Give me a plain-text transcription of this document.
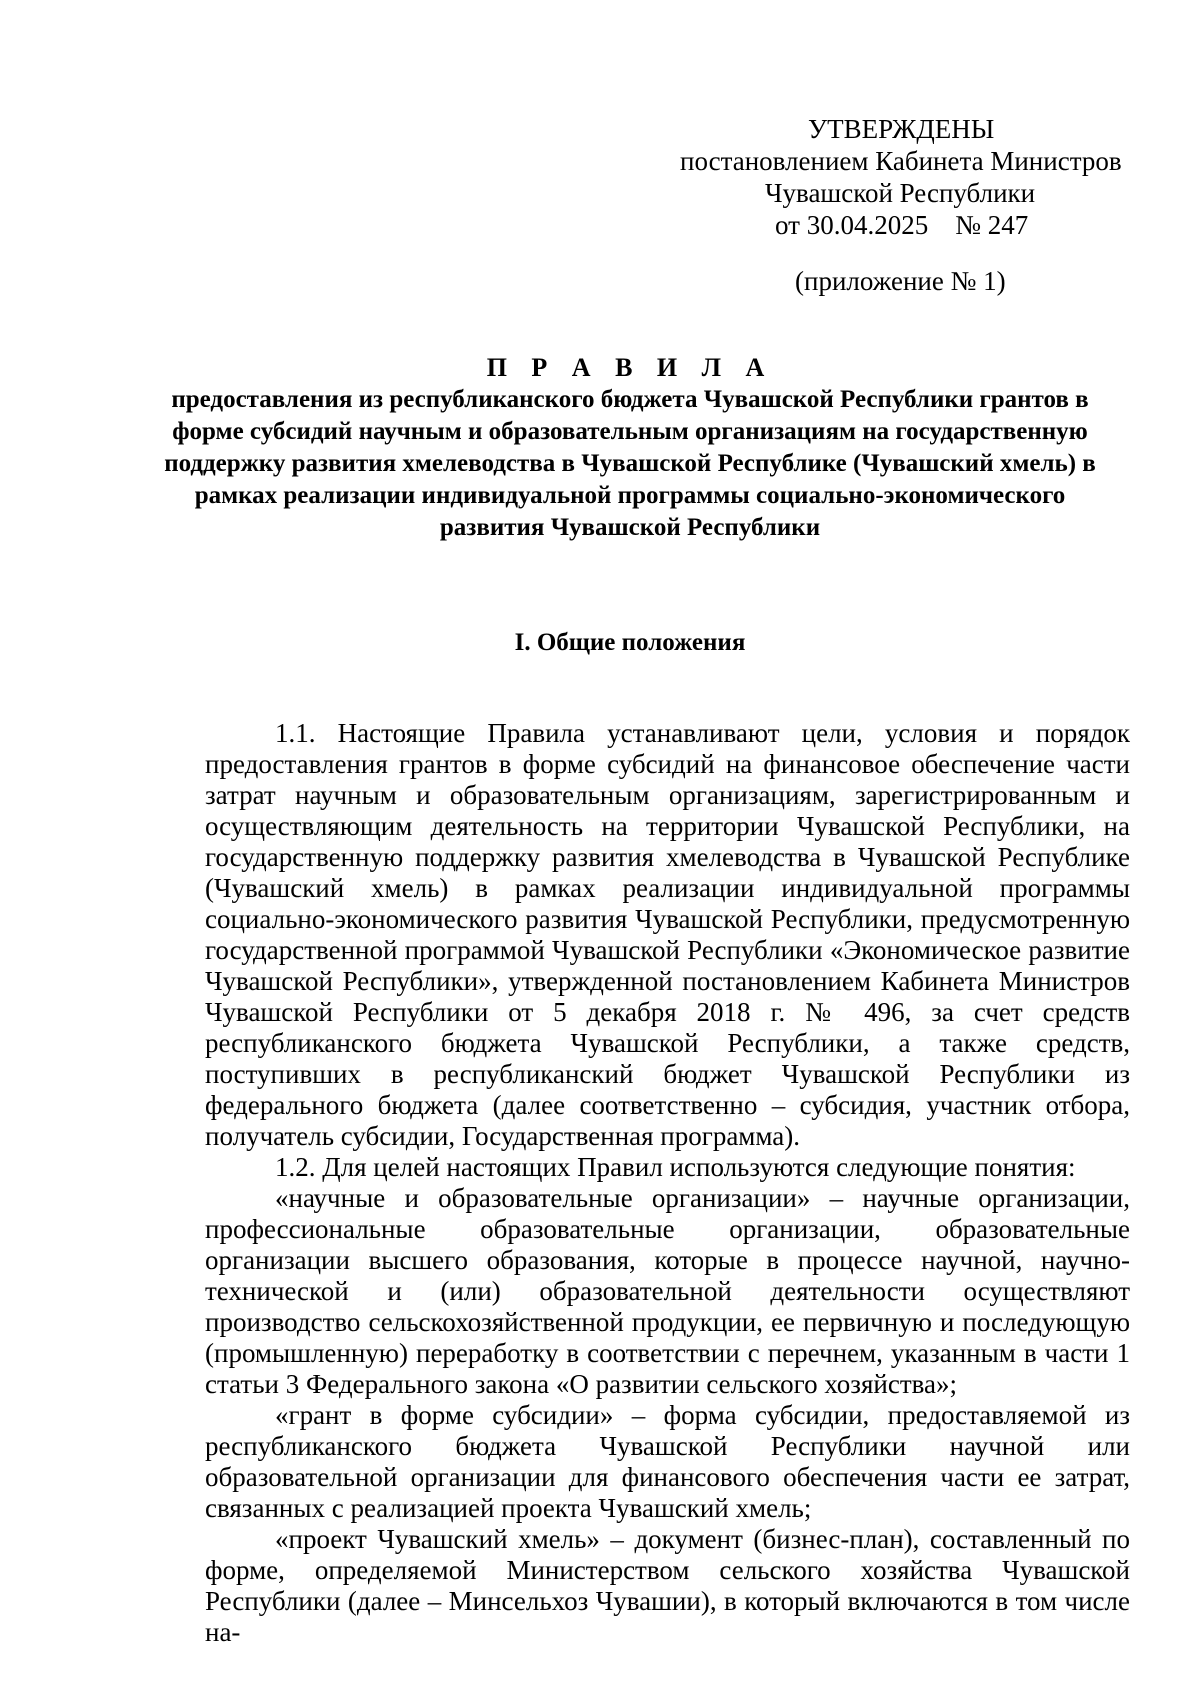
УТВЕРЖДЕНЫ
постановлением Кабинета Министров
Чувашской Республики
от 30.04.2025    № 247
(приложение № 1)
П Р А В И Л А
предоставления из республиканского бюджета Чувашской Республики грантов в форме субсидий научным и образовательным организациям на государственную поддержку развития хмелеводства в Чувашской Республике (Чувашский хмель) в рамках реализации индивидуальной программы социально-экономического развития Чувашской Республики
I. Общие положения

1.1. Настоящие Правила устанавливают цели, условия и порядок предоставления грантов в форме субсидий на финансовое обеспечение части затрат научным и образовательным организациям, зарегистрированным и осуществляющим деятельность на территории Чувашской Республики, на государственную поддержку развития хмелеводства в Чувашской Республике (Чувашский хмель) в рамках реализации индивидуальной программы социально-экономического развития Чувашской Республики, предусмотренную государственной программой Чувашской Республики «Экономическое развитие Чувашской Республики», утвержденной постановлением Кабинета Министров Чувашской Республики от 5 декабря 2018 г. № 496, за счет средств республиканского бюджета Чувашской Республики, а также средств, поступивших в республиканский бюджет Чувашской Республики из федерального бюджета (далее соответственно – субсидия, участник отбора, получатель субсидии, Государственная программа).

1.2. Для целей настоящих Правил используются следующие понятия:

«научные и образовательные организации» – научные организации, профессиональные образовательные организации, образовательные организации высшего образования, которые в процессе научной, научно-технической и (или) образовательной деятельности осуществляют производство сельскохозяйственной продукции, ее первичную и последующую (промышленную) переработку в соответствии с перечнем, указанным в части 1 статьи 3 Федерального закона «О развитии сельского хозяйства»;

«грант в форме субсидии» – форма субсидии, предоставляемой из республиканского бюджета Чувашской Республики научной или образовательной организации для финансового обеспечения части ее затрат, связанных с реализацией проекта Чувашский хмель;

«проект Чувашский хмель» – документ (бизнес-план), составленный по форме, определяемой Министерством сельского хозяйства Чувашской Республики (далее – Минсельхоз Чувашии), в который включаются в том числе на-
